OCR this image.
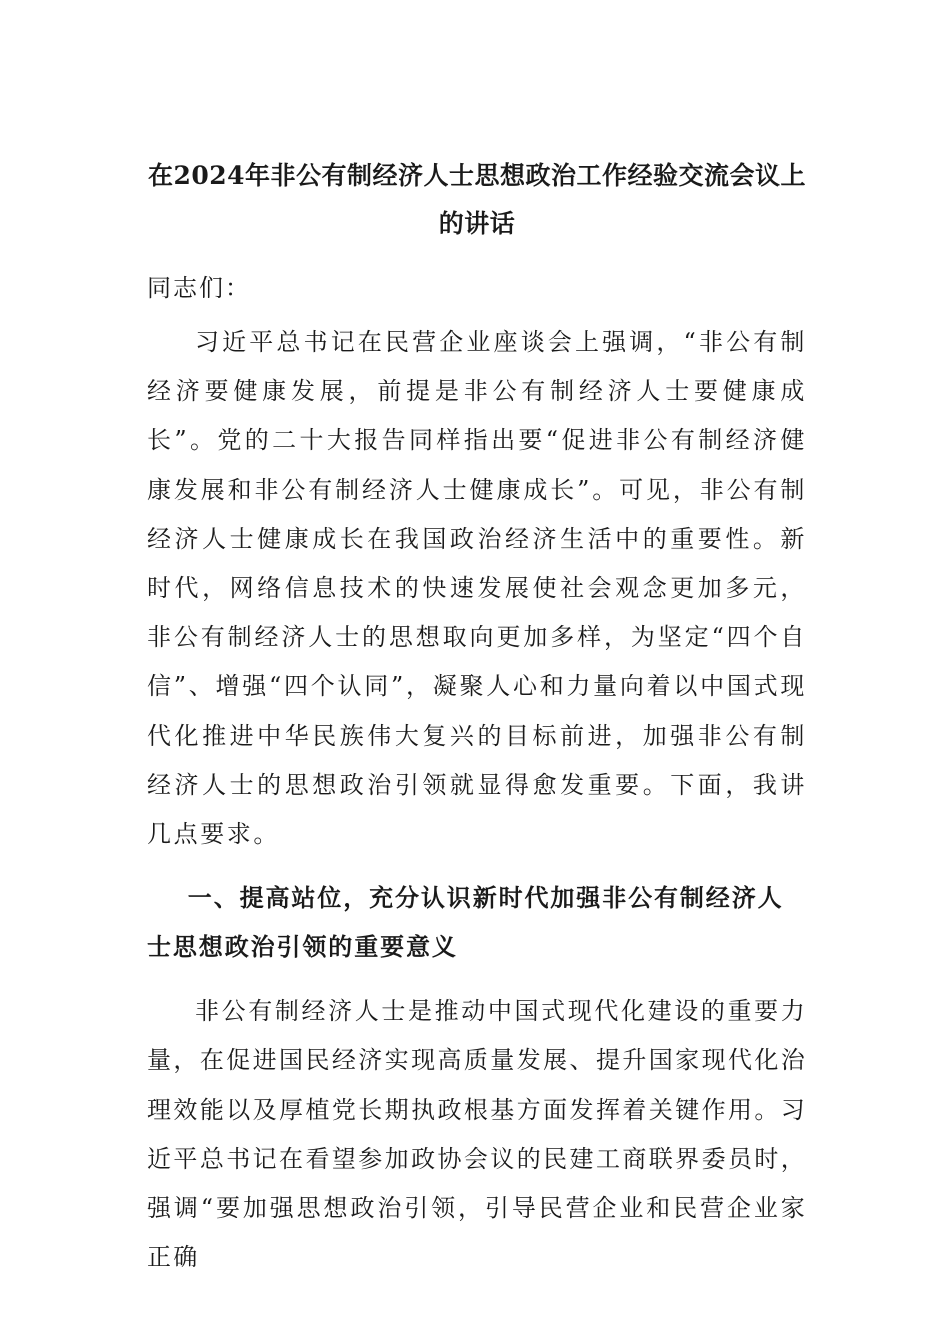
在2024年非公有制经济人士思想政治工作经验交流会议上
的讲话

同志们：

习近平总书记在民营企业座谈会上强调，“非公有制经济要健康发展，前提是非公有制经济人士要健康成长”。党的二十大报告同样指出要“促进非公有制经济健康发展和非公有制经济人士健康成长”。可见，非公有制经济人士健康成长在我国政治经济生活中的重要性。新时代，网络信息技术的快速发展使社会观念更加多元，非公有制经济人士的思想取向更加多样，为坚定“四个自信”、增强“四个认同”，凝聚人心和力量向着以中国式现代化推进中华民族伟大复兴的目标前进，加强非公有制经济人士的思想政治引领就显得愈发重要。下面，我讲几点要求。

一、提高站位，充分认识新时代加强非公有制经济人士思想政治引领的重要意义

非公有制经济人士是推动中国式现代化建设的重要力量，在促进国民经济实现高质量发展、提升国家现代化治理效能以及厚植党长期执政根基方面发挥着关键作用。习近平总书记在看望参加政协会议的民建工商联界委员时，强调“要加强思想政治引领，引导民营企业和民营企业家正确
